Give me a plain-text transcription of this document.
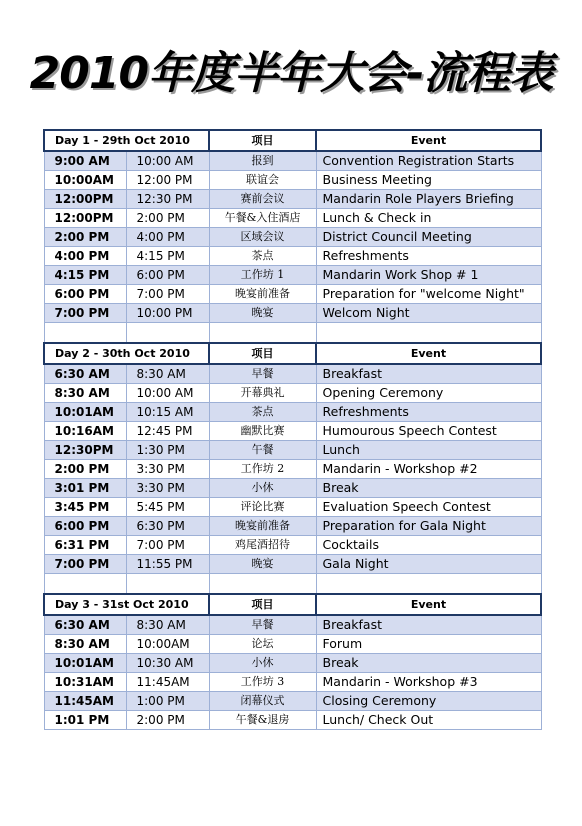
2010年度半年大会-流程表
Day 1 - 29th Oct 2010		项目	Event
9:00 AM	10:00 AM	报到	Convention Registration Starts
10:00AM	12:00 PM	联谊会	Business Meeting
12:00PM	12:30 PM	赛前会议	Mandarin Role Players Briefing
12:00PM	2:00 PM	午餐&入住酒店	Lunch & Check in
2:00 PM	4:00 PM	区域会议	District Council Meeting
4:00 PM	4:15 PM	茶点	Refreshments
4:15 PM	6:00 PM	工作坊 1	Mandarin Work Shop # 1
6:00 PM	7:00 PM	晚宴前准备	Preparation for "welcome Night"
7:00 PM	10:00 PM	晚宴	Welcom Night

Day 2 - 30th Oct 2010		项目	Event
6:30 AM	8:30 AM	早餐	Breakfast
8:30 AM	10:00 AM	开幕典礼	Opening Ceremony
10:01AM	10:15 AM	茶点	Refreshments
10:16AM	12:45 PM	幽默比赛	Humourous Speech Contest
12:30PM	1:30 PM	午餐	Lunch
2:00 PM	3:30 PM	工作坊 2	Mandarin - Workshop #2
3:01 PM	3:30 PM	小休	Break
3:45 PM	5:45 PM	评论比赛	Evaluation Speech Contest
6:00 PM	6:30 PM	晚宴前准备	Preparation for Gala Night
6:31 PM	7:00 PM	鸡尾酒招待	Cocktails
7:00 PM	11:55 PM	晚宴	Gala Night

Day 3 - 31st Oct 2010		项目	Event
6:30 AM	8:30 AM	早餐	Breakfast
8:30 AM	10:00AM	论坛	Forum
10:01AM	10:30 AM	小休	Break
10:31AM	11:45AM	工作坊 3	Mandarin - Workshop #3
11:45AM	1:00 PM	闭幕仪式	Closing Ceremony
1:01 PM	2:00 PM	午餐&退房	Lunch/ Check Out
